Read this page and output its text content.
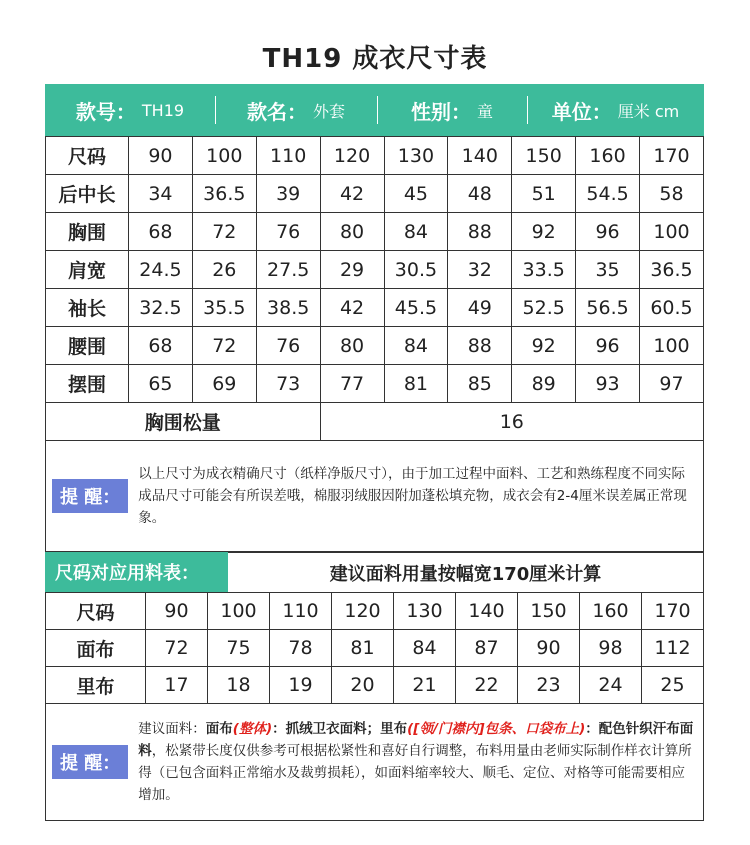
TH19 成衣尺寸表
款号： TH19	款名： 外套	性别： 童	单位： 厘米 cm
尺码	90	100	110	120	130	140	150	160	170
后中长	34	36.5	39	42	45	48	51	54.5	58
胸围	68	72	76	80	84	88	92	96	100
肩宽	24.5	26	27.5	29	30.5	32	33.5	35	36.5
袖长	32.5	35.5	38.5	42	45.5	49	52.5	56.5	60.5
腰围	68	72	76	80	84	88	92	96	100
摆围	65	69	73	77	81	85	89	93	97
胸围松量				16					
提 醒：
以上尺寸为成衣精确尺寸（纸样净版尺寸），由于加工过程中面料、工艺和熟练程度不同实际成品尺寸可能会有所误差哦，棉服羽绒服因附加蓬松填充物，成衣会有2-4厘米误差属正常现象。
尺码对应用料表：	建议面料用量按幅宽170厘米计算
尺码	90	100	110	120	130	140	150	160	170
面布	72	75	78	81	84	87	90	98	112
里布	17	18	19	20	21	22	23	24	25
提 醒：
建议面料：面布(整体)：抓绒卫衣面料；里布([领/门襟内]包条、口袋布上)：配色针织汗布面料，松紧带长度仅供参考可根据松紧性和喜好自行调整，布料用量由老师实际制作样衣计算所得（已包含面料正常缩水及裁剪损耗），如面料缩率较大、顺毛、定位、对格等可能需要相应增加。
